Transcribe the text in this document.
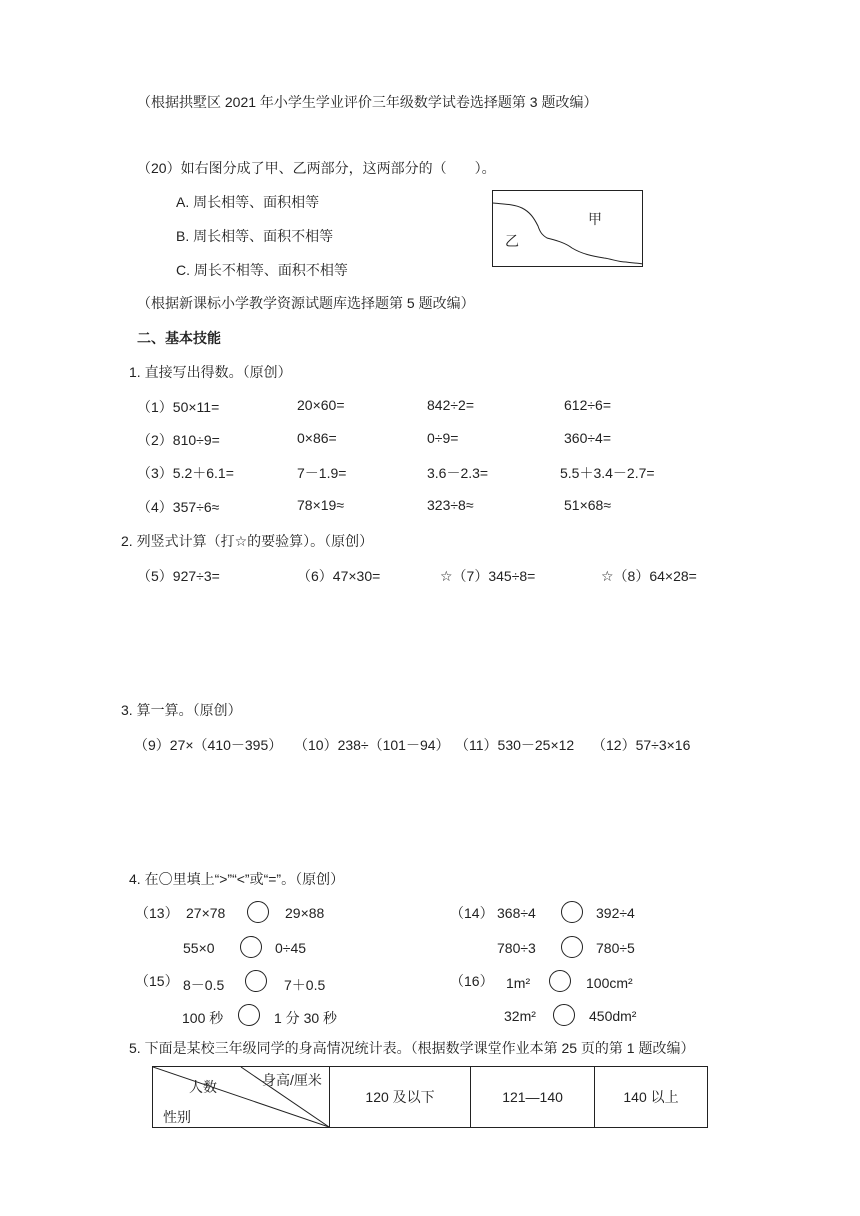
（根据拱墅区 2021 年小学生学业评价三年级数学试卷选择题第 3 题改编）
（20）如右图分成了甲、乙两部分，这两部分的（　　）。
A. 周长相等、面积相等
B. 周长相等、面积不相等
C. 周长不相等、面积不相等
甲
乙
（根据新课标小学教学资源试题库选择题第 5 题改编）
二、基本技能
1. 直接写出得数。（原创）
（1）50×11=	20×60=	842÷2=	612÷6=
（2）810÷9=	0×86=	0÷9=	360÷4=
（3）5.2＋6.1=	7－1.9=	3.6－2.3=	5.5＋3.4－2.7=
（4）357÷6≈	78×19≈	323÷8≈	51×68≈
2. 列竖式计算（打☆的要验算）。（原创）
（5）927÷3=	（6）47×30=	☆（7）345÷8=	☆（8）64×28=
3. 算一算。（原创）
（9）27×（410－395） （10）238÷（101－94） （11）530－25×12 （12）57÷3×16
4. 在〇里填上“>”“<”或“=”。（原创）
（13） 27×78	29×88
55×0	0÷45
（14） 368÷4	392÷4
780÷3	780÷5
（15） 8－0.5	7＋0.5
100 秒	1 分 30 秒
（16） 1m²	100cm²
32m²	450dm²
5. 下面是某校三年级同学的身高情况统计表。（根据数学课堂作业本第 25 页的第 1 题改编）
身高/厘米
人数
性别
	120 及以下	121—140	140 以上
